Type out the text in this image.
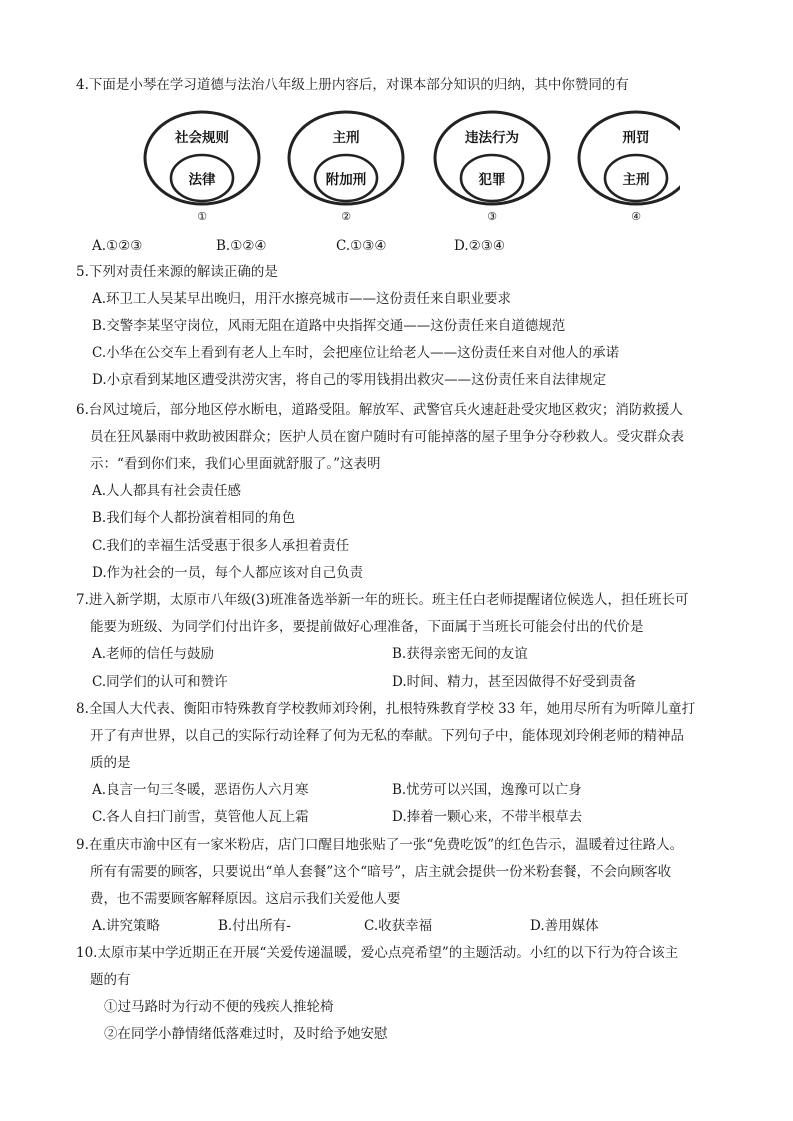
4.下面是小琴在学习道德与法治八年级上册内容后，对课本部分知识的归纳，其中你赞同的有
社会规则
法律
①
主刑
附加刑
②
违法行为
犯罪
③
刑罚
主刑
④
A.①②③	B.①②④	C.①③④	D.②③④
5.下列对责任来源的解读正确的是
A.环卫工人吴某早出晚归，用汗水擦亮城市——这份责任来自职业要求
B.交警李某坚守岗位，风雨无阻在道路中央指挥交通——这份责任来自道德规范
C.小华在公交车上看到有老人上车时，会把座位让给老人——这份责任来自对他人的承诺
D.小京看到某地区遭受洪涝灾害，将自己的零用钱捐出救灾——这份责任来自法律规定
6.台风过境后，部分地区停水断电，道路受阻。解放军、武警官兵火速赶赴受灾地区救灾；消防救援人
员在狂风暴雨中救助被困群众；医护人员在窗户随时有可能掉落的屋子里争分夺秒救人。受灾群众表
示：“看到你们来，我们心里面就舒服了。”这表明
A.人人都具有社会责任感
B.我们每个人都扮演着相同的角色
C.我们的幸福生活受惠于很多人承担着责任
D.作为社会的一员，每个人都应该对自己负责
7.进入新学期，太原市八年级(3)班准备选举新一年的班长。班主任白老师提醒诸位候选人，担任班长可
能要为班级、为同学们付出许多，要提前做好心理准备，下面属于当班长可能会付出的代价是
A.老师的信任与鼓励	B.获得亲密无间的友谊
C.同学们的认可和赞许	D.时间、精力，甚至因做得不好受到责备
8.全国人大代表、衡阳市特殊教育学校教师刘玲俐，扎根特殊教育学校 33 年，她用尽所有为听障儿童打
开了有声世界，以自己的实际行动诠释了何为无私的奉献。下列句子中，能体现刘玲俐老师的精神品
质的是
A.良言一句三冬暖，恶语伤人六月寒	B.忧劳可以兴国，逸豫可以亡身
C.各人自扫门前雪，莫管他人瓦上霜	D.捧着一颗心来，不带半根草去
9.在重庆市渝中区有一家米粉店，店门口醒目地张贴了一张“免费吃饭”的红色告示，温暖着过往路人。
所有有需要的顾客，只要说出“单人套餐”这个“暗号”，店主就会提供一份米粉套餐，不会向顾客收
费，也不需要顾客解释原因。这启示我们关爱他人要
A.讲究策略	B.付出所有-	C.收获幸福	D.善用媒体
10.太原市某中学近期正在开展“关爱传递温暖，爱心点亮希望”的主题活动。小红的以下行为符合该主
题的有
①过马路时为行动不便的残疾人推轮椅
②在同学小静情绪低落难过时，及时给予她安慰
